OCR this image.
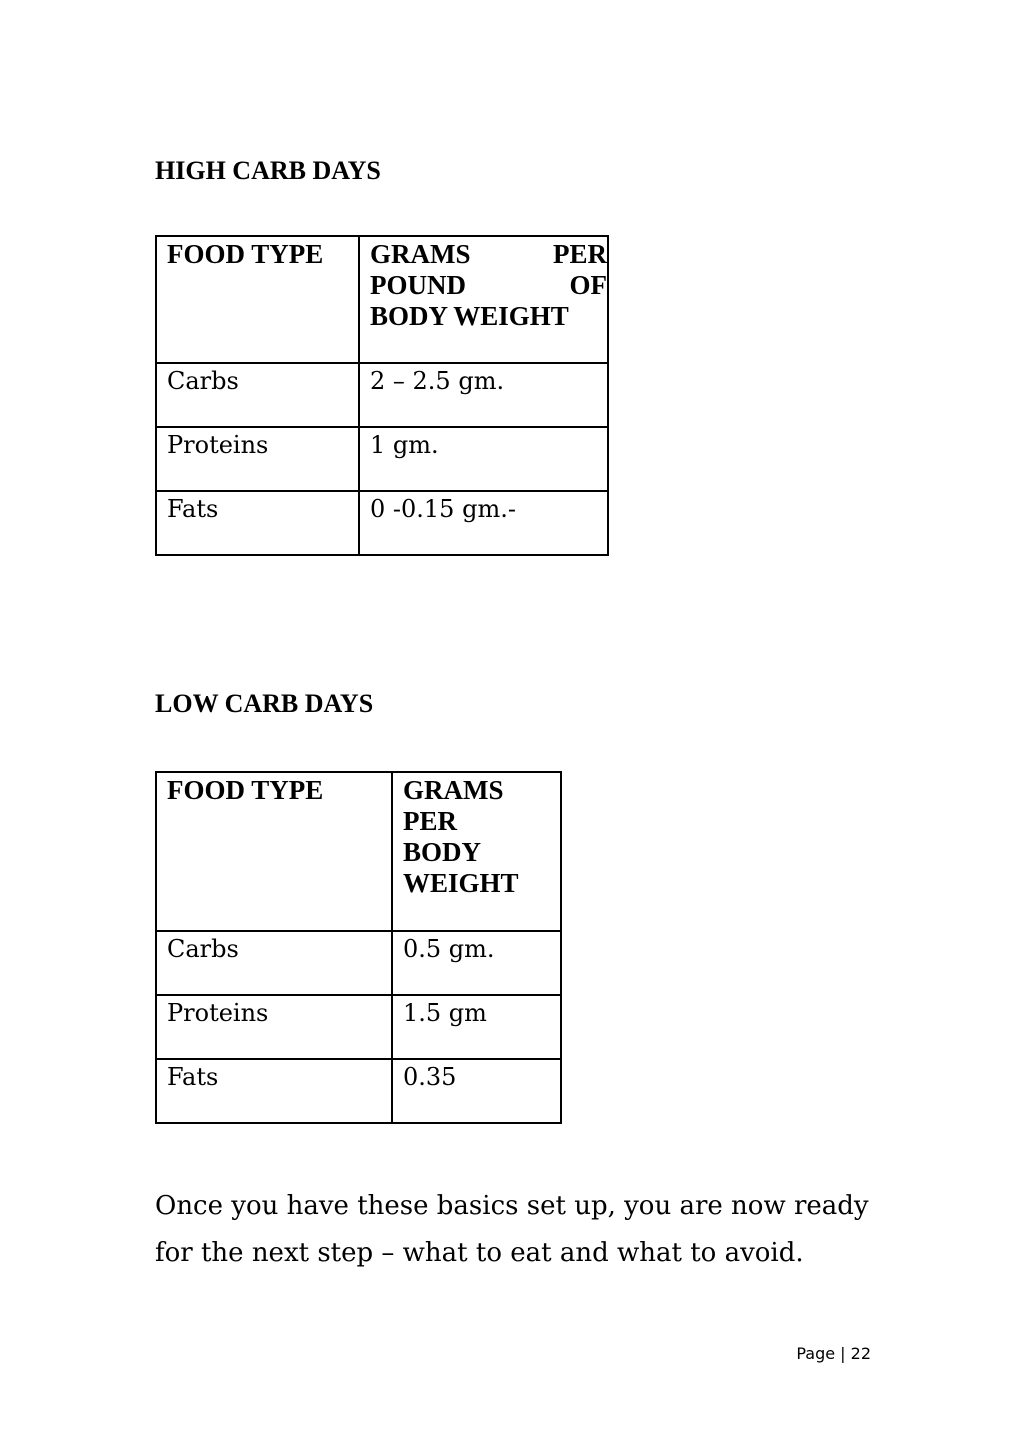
HIGH CARB DAYS
FOOD TYPE	GRAMS PER
POUND OF
BODY WEIGHT

Carbs	2 – 2.5 gm.
Proteins	1 gm.
Fats	0 -0.15 gm.-
LOW CARB DAYS
FOOD TYPE	GRAMS
PER
BODY
WEIGHT

Carbs	0.5 gm.
Proteins	1.5 gm
Fats	0.35

Once you have these basics set up, you are now ready for the next step – what to eat and what to avoid.

Page | 22
